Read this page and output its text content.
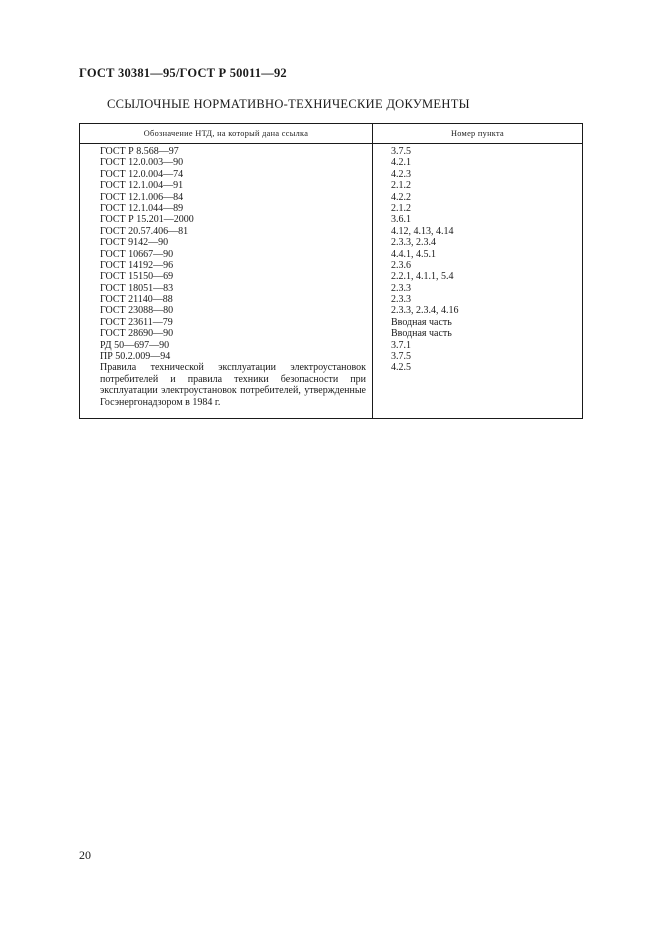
ГОСТ 30381—95/ГОСТ Р 50011—92
ССЫЛОЧНЫЕ НОРМАТИВНО-ТЕХНИЧЕСКИЕ ДОКУМЕНТЫ
Обозначение НТД, на который дана ссылка	Номер пункта
ГОСТ Р 8.568—97
ГОСТ 12.0.003—90
ГОСТ 12.0.004—74
ГОСТ 12.1.004—91
ГОСТ 12.1.006—84
ГОСТ 12.1.044—89
ГОСТ Р 15.201—2000
ГОСТ 20.57.406—81
ГОСТ 9142—90
ГОСТ 10667—90
ГОСТ 14192—96
ГОСТ 15150—69
ГОСТ 18051—83
ГОСТ 21140—88
ГОСТ 23088—80
ГОСТ 23611—79
ГОСТ 28690—90
РД 50—697—90
ПР 50.2.009—94
Правила технической эксплуатации электроустановок потребителей и правила техники безопасности при эксплуатации электроустановок потребителей, утвержденные Госэнергонадзором в 1984 г.
3.7.5
4.2.1
4.2.3
2.1.2
4.2.2
2.1.2
3.6.1
4.12, 4.13, 4.14
2.3.3, 2.3.4
4.4.1, 4.5.1
2.3.6
2.2.1, 4.1.1, 5.4
2.3.3
2.3.3
2.3.3, 2.3.4, 4.16
Вводная часть
Вводная часть
3.7.1
3.7.5
4.2.5
20
